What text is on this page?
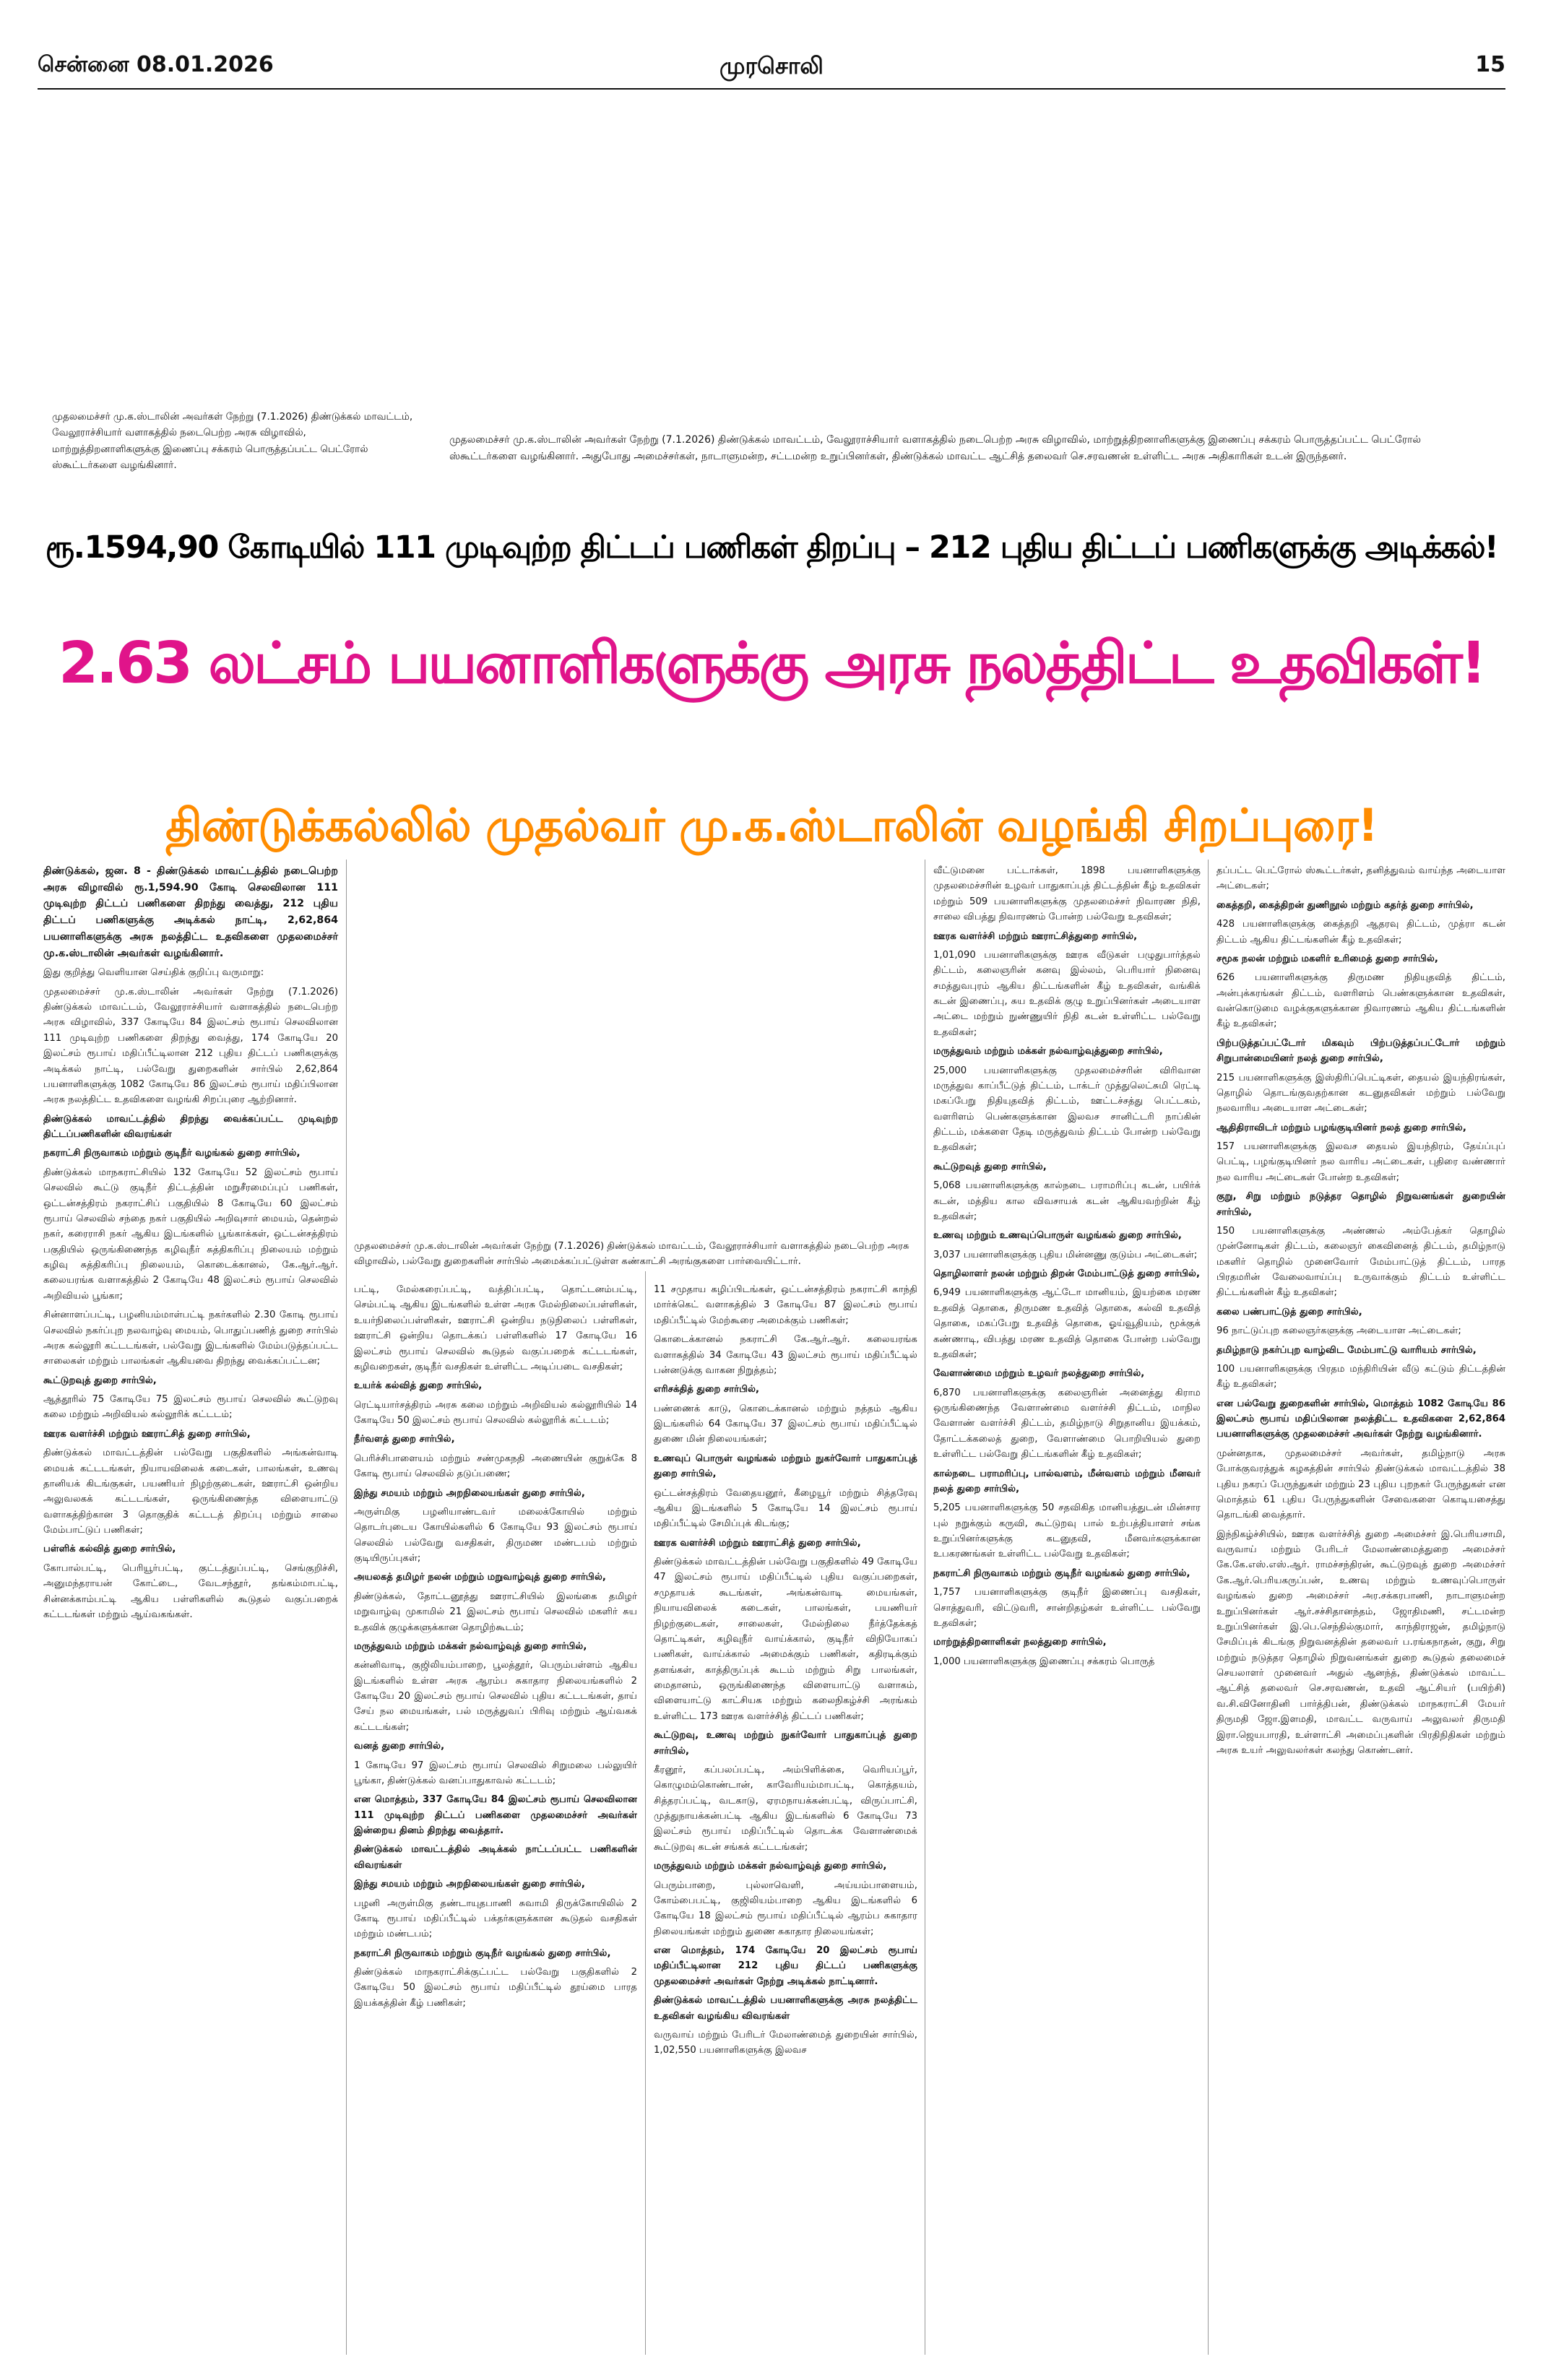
சென்னை 08.01.2026	முரசொலி	15

முதலமைச்சர் மு.க.ஸ்டாலின் அவர்கள் நேற்று (7.1.2026) திண்டுக்கல் மாவட்டம், வேலூராச்சியார் வளாகத்தில் நடைபெற்ற அரசு விழாவில், மாற்றுத்திறனாளிகளுக்கு இணைப்பு சக்கரம் பொருத்தப்பட்ட பெட்ரோல் ஸ்கூட்டர்களை வழங்கினார்.

முதலமைச்சர் மு.க.ஸ்டாலின் அவர்கள் நேற்று (7.1.2026) திண்டுக்கல் மாவட்டம், வேலூராச்சியார் வளாகத்தில் நடைபெற்ற அரசு விழாவில், மாற்றுத்திறனாளிகளுக்கு இணைப்பு சக்கரம் பொருத்தப்பட்ட பெட்ரோல் ஸ்கூட்டர்களை வழங்கினார். அதுபோது அமைச்சர்கள், நாடாளுமன்ற, சட்டமன்ற உறுப்பினர்கள், திண்டுக்கல் மாவட்ட ஆட்சித் தலைவர் செ.சரவணன் உள்ளிட்ட அரசு அதிகாரிகள் உடன் இருந்தனர்.

ரூ.1594,90 கோடியில் 111 முடிவுற்ற திட்டப் பணிகள் திறப்பு – 212 புதிய திட்டப் பணிகளுக்கு அடிக்கல்!
2.63 லட்சம் பயனாளிகளுக்கு அரசு நலத்திட்ட உதவிகள்!
திண்டுக்கல்லில் முதல்வர் மு.க.ஸ்டாலின் வழங்கி சிறப்புரை!

திண்டுக்கல், ஜன. 8 - திண்டுக்கல் மாவட்டத்தில் நடைபெற்ற அரசு விழாவில் ரூ.1,594.90 கோடி செலவிலான 111 முடிவுற்ற திட்டப் பணிகளை திறந்து வைத்து, 212 புதிய திட்டப் பணிகளுக்கு அடிக்கல் நாட்டி, 2,62,864 பயனாளிகளுக்கு அரசு நலத்திட்ட உதவிகளை முதலமைச்சர் மு.க.ஸ்டாலின் அவர்கள் வழங்கினார்.

இது குறித்து வெளியான செய்திக் குறிப்பு வருமாறு:

முதலமைச்சர் மு.க.ஸ்டாலின் அவர்கள் நேற்று (7.1.2026) திண்டுக்கல் மாவட்டம், வேலூராச்சியார் வளாகத்தில் நடைபெற்ற அரசு விழாவில், 337 கோடியே 84 இலட்சம் ரூபாய் செலவிலான 111 முடிவுற்ற பணிகளை திறந்து வைத்து, 174 கோடியே 20 இலட்சம் ரூபாய் மதிப்பீட்டிலான 212 புதிய திட்டப் பணிகளுக்கு அடிக்கல் நாட்டி, பல்வேறு துறைகளின் சார்பில் 2,62,864 பயனாளிகளுக்கு 1082 கோடியே 86 இலட்சம் ரூபாய் மதிப்பிலான அரசு நலத்திட்ட உதவிகளை வழங்கி சிறப்புரை ஆற்றினார்.

திண்டுக்கல் மாவட்டத்தில் திறந்து வைக்கப்பட்ட முடிவுற்ற திட்டப்பணிகளின் விவரங்கள்

நகராட்சி நிருவாகம் மற்றும் குடிநீர் வழங்கல் துறை சார்பில்,

திண்டுக்கல் மாநகராட்சியில் 132 கோடியே 52 இலட்சம் ரூபாய் செலவில் கூட்டு குடிநீர் திட்டத்தின் மறுசீரமைப்புப் பணிகள், ஒட்டன்சத்திரம் நகராட்சிப் பகுதியில் 8 கோடியே 60 இலட்சம் ரூபாய் செலவில் சந்தை நகர் பகுதியில் அறிவுசார் மையம், தென்றல் நகர், கரைராசி நகர் ஆகிய இடங்களில் பூங்காக்கள், ஒட்டன்சத்திரம் பகுதியில் ஒருங்கிணைந்த கழிவுநீர் சுத்திகரிப்பு நிலையம் மற்றும் கழிவு சுத்திகரிப்பு நிலையம், கொடைக்கானல், கே.ஆர்.ஆர். கலையரங்க வளாகத்தில் 2 கோடியே 48 இலட்சம் ரூபாய் செலவில் அறிவியல் பூங்கா;

சின்னாளப்பட்டி, பழனியம்மாள்பட்டி நகர்களில் 2.30 கோடி ரூபாய் செலவில் நகர்ப்புற நலவாழ்வு மையம், பொதுப்பணித் துறை சார்பில் அரசு கல்லூரி கட்டடங்கள், பல்வேறு இடங்களில் மேம்படுத்தப்பட்ட சாலைகள் மற்றும் பாலங்கள் ஆகியவை திறந்து வைக்கப்பட்டன;

கூட்டுறவுத் துறை சார்பில்,

ஆத்தூரில் 75 கோடியே 75 இலட்சம் ரூபாய் செலவில் கூட்டுறவு கலை மற்றும் அறிவியல் கல்லூரிக் கட்டடம்;

ஊரக வளர்ச்சி மற்றும் ஊராட்சித் துறை சார்பில்,

திண்டுக்கல் மாவட்டத்தின் பல்வேறு பகுதிகளில் அங்கன்வாடி மையக் கட்டடங்கள், நியாயவிலைக் கடைகள், பாலங்கள், உணவு தானியக் கிடங்குகள், பயணியர் நிழற்குடைகள், ஊராட்சி ஒன்றிய அலுவலகக் கட்டடங்கள், ஒருங்கிணைந்த விளையாட்டு வளாகத்திற்கான 3 தொகுதிக் கட்டடத் திறப்பு மற்றும் சாலை மேம்பாட்டுப் பணிகள்;

பள்ளிக் கல்வித் துறை சார்பில்,

கோபால்பட்டி, பெரியூர்பட்டி, குட்டத்துப்பட்டி, செங்குறிச்சி, அனுமந்தராயன் கோட்டை, வேடசந்தூர், தங்கம்மாபட்டி, சின்னக்காம்பட்டி ஆகிய பள்ளிகளில் கூடுதல் வகுப்பறைக் கட்டடங்கள் மற்றும் ஆய்வகங்கள்.

முதலமைச்சர் மு.க.ஸ்டாலின் அவர்கள் நேற்று (7.1.2026) திண்டுக்கல் மாவட்டம், வேலூராச்சியார் வளாகத்தில் நடைபெற்ற அரசு விழாவில், பல்வேறு துறைகளின் சார்பில் அமைக்கப்பட்டுள்ள கண்காட்சி அரங்குகளை பார்வையிட்டார்.

பட்டி, மேல்கரைப்பட்டி, வத்திப்பட்டி, தொட்டனம்பட்டி, செம்பட்டி ஆகிய இடங்களில் உள்ள அரசு மேல்நிலைப்பள்ளிகள், உயர்நிலைப்பள்ளிகள், ஊராட்சி ஒன்றிய நடுநிலைப் பள்ளிகள், ஊராட்சி ஒன்றிய தொடக்கப் பள்ளிகளில் 17 கோடியே 16 இலட்சம் ரூபாய் செலவில் கூடுதல் வகுப்பறைக் கட்டடங்கள், கழிவறைகள், குடிநீர் வசதிகள் உள்ளிட்ட அடிப்படை வசதிகள்;

உயர்க் கல்வித் துறை சார்பில்,

ரெட்டியார்சத்திரம் அரசு கலை மற்றும் அறிவியல் கல்லூரியில் 14 கோடியே 50 இலட்சம் ரூபாய் செலவில் கல்லூரிக் கட்டடம்;

நீர்வளத் துறை சார்பில்,

பெரிச்சிபாளையம் மற்றும் சண்முகநதி அணையின் குறுக்கே 8 கோடி ரூபாய் செலவில் தடுப்பணை;

இந்து சமயம் மற்றும் அறநிலையங்கள் துறை சார்பில்,

அருள்மிகு பழனியாண்டவர் மலைக்கோயில் மற்றும் தொடர்புடைய கோயில்களில் 6 கோடியே 93 இலட்சம் ரூபாய் செலவில் பல்வேறு வசதிகள், திருமண மண்டபம் மற்றும் குடியிருப்புகள்;

அயலகத் தமிழர் நலன் மற்றும் மறுவாழ்வுத் துறை சார்பில்,

திண்டுக்கல், தோட்டனூத்து ஊராட்சியில் இலங்கை தமிழர் மறுவாழ்வு முகாமில் 21 இலட்சம் ரூபாய் செலவில் மகளிர் சுய உதவிக் குழுக்களுக்கான தொழிற்கூடம்;

மருத்துவம் மற்றும் மக்கள் நல்வாழ்வுத் துறை சார்பில்,

கன்னிவாடி, குஜிலியம்பாறை, பூலத்தூர், பெரும்பள்ளம் ஆகிய இடங்களில் உள்ள அரசு ஆரம்ப சுகாதார நிலையங்களில் 2 கோடியே 20 இலட்சம் ரூபாய் செலவில் புதிய கட்டடங்கள், தாய் சேய் நல மையங்கள், பல் மருத்துவப் பிரிவு மற்றும் ஆய்வகக் கட்டடங்கள்;

வனத் துறை சார்பில்,

1 கோடியே 97 இலட்சம் ரூபாய் செலவில் சிறுமலை பல்லுயிர் பூங்கா, திண்டுக்கல் வனப்பாதுகாவல் கட்டடம்;

என மொத்தம், 337 கோடியே 84 இலட்சம் ரூபாய் செலவிலான 111 முடிவுற்ற திட்டப் பணிகளை முதலமைச்சர் அவர்கள் இன்றைய தினம் திறந்து வைத்தார்.

திண்டுக்கல் மாவட்டத்தில் அடிக்கல் நாட்டப்பட்ட பணிகளின் விவரங்கள்

இந்து சமயம் மற்றும் அறநிலையங்கள் துறை சார்பில்,

பழனி அருள்மிகு தண்டாயுதபாணி சுவாமி திருக்கோயிலில் 2 கோடி ரூபாய் மதிப்பீட்டில் பக்தர்களுக்கான கூடுதல் வசதிகள் மற்றும் மண்டபம்;

நகராட்சி நிருவாகம் மற்றும் குடிநீர் வழங்கல் துறை சார்பில்,

திண்டுக்கல் மாநகராட்சிக்குட்பட்ட பல்வேறு பகுதிகளில் 2 கோடியே 50 இலட்சம் ரூபாய் மதிப்பீட்டில் தூய்மை பாரத இயக்கத்தின் கீழ் பணிகள்;

11 சமுதாய கழிப்பிடங்கள், ஒட்டன்சத்திரம் நகராட்சி காந்தி மார்க்கெட் வளாகத்தில் 3 கோடியே 87 இலட்சம் ரூபாய் மதிப்பீட்டில் மேற்கூரை அமைக்கும் பணிகள்;

கொடைக்கானல் நகராட்சி கே.ஆர்.ஆர். கலையரங்க வளாகத்தில் 34 கோடியே 43 இலட்சம் ரூபாய் மதிப்பீட்டில் பன்னடுக்கு வாகன நிறுத்தம்;

எரிசக்தித் துறை சார்பில்,

பண்ணைக் காடு, கொடைக்கானல் மற்றும் நத்தம் ஆகிய இடங்களில் 64 கோடியே 37 இலட்சம் ரூபாய் மதிப்பீட்டில் துணை மின் நிலையங்கள்;

உணவுப் பொருள் வழங்கல் மற்றும் நுகர்வோர் பாதுகாப்புத் துறை சார்பில்,

ஒட்டன்சத்திரம் வேதையனூர், கீழையூர் மற்றும் சித்தரேவு ஆகிய இடங்களில் 5 கோடியே 14 இலட்சம் ரூபாய் மதிப்பீட்டில் சேமிப்புக் கிடங்கு;

ஊரக வளர்ச்சி மற்றும் ஊராட்சித் துறை சார்பில்,

திண்டுக்கல் மாவட்டத்தின் பல்வேறு பகுதிகளில் 49 கோடியே 47 இலட்சம் ரூபாய் மதிப்பீட்டில் புதிய வகுப்பறைகள், சமுதாயக் கூடங்கள், அங்கன்வாடி மையங்கள், நியாயவிலைக் கடைகள், பாலங்கள், பயணியர் நிழற்குடைகள், சாலைகள், மேல்நிலை நீர்த்தேக்கத் தொட்டிகள், கழிவுநீர் வாய்க்கால், குடிநீர் விநியோகப் பணிகள், வாய்க்கால் அமைக்கும் பணிகள், கதிரடிக்கும் தளங்கள், காத்திருப்புக் கூடம் மற்றும் சிறு பாலங்கள், மைதானம், ஒருங்கிணைந்த விளையாட்டு வளாகம், விளையாட்டு காட்சியக மற்றும் கலைநிகழ்ச்சி அரங்கம் உள்ளிட்ட 173 ஊரக வளர்ச்சித் திட்டப் பணிகள்;

கூட்டுறவு, உணவு மற்றும் நுகர்வோர் பாதுகாப்புத் துறை சார்பில்,

கீரனூர், கப்பலப்பட்டி, அம்பிளிக்கை, வெரியப்பூர், கொழுமம்கொண்டான், காவேரியம்மாபட்டி, கொத்தயம், சித்தரப்பட்டி, வடகாடு, ஏரமநாயக்கன்பட்டி, விருப்பாட்சி, முத்துநாயக்கன்பட்டி ஆகிய இடங்களில் 6 கோடியே 73 இலட்சம் ரூபாய் மதிப்பீட்டில் தொடக்க வேளாண்மைக் கூட்டுறவு கடன் சங்கக் கட்டடங்கள்;

மருத்துவம் மற்றும் மக்கள் நல்வாழ்வுத் துறை சார்பில்,

பெரும்பாறை, புல்லாவெளி, அய்யம்பாளையம், கோம்பைபட்டி, குஜிலியம்பாறை ஆகிய இடங்களில் 6 கோடியே 18 இலட்சம் ரூபாய் மதிப்பீட்டில் ஆரம்ப சுகாதார நிலையங்கள் மற்றும் துணை சுகாதார நிலையங்கள்;

என மொத்தம், 174 கோடியே 20 இலட்சம் ரூபாய் மதிப்பீட்டிலான 212 புதிய திட்டப் பணிகளுக்கு முதலமைச்சர் அவர்கள் நேற்று அடிக்கல் நாட்டினார்.

திண்டுக்கல் மாவட்டத்தில் பயனாளிகளுக்கு அரசு நலத்திட்ட உதவிகள் வழங்கிய விவரங்கள்

வருவாய் மற்றும் பேரிடர் மேலாண்மைத் துறையின் சார்பில், 1,02,550 பயனாளிகளுக்கு இலவச

வீட்டுமனை பட்டாக்கள், 1898 பயனாளிகளுக்கு முதலமைச்சரின் உழவர் பாதுகாப்புத் திட்டத்தின் கீழ் உதவிகள் மற்றும் 509 பயனாளிகளுக்கு முதலமைச்சர் நிவாரண நிதி, சாலை விபத்து நிவாரணம் போன்ற பல்வேறு உதவிகள்;

ஊரக வளர்ச்சி மற்றும் ஊராட்சித்துறை சார்பில்,

1,01,090 பயனாளிகளுக்கு ஊரக வீடுகள் பழுதுபார்த்தல் திட்டம், கலைஞரின் கனவு இல்லம், பெரியார் நினைவு சமத்துவபுரம் ஆகிய திட்டங்களின் கீழ் உதவிகள், வங்கிக் கடன் இணைப்பு, சுய உதவிக் குழு உறுப்பினர்கள் அடையாள அட்டை மற்றும் நுண்ணுயிர் நிதி கடன் உள்ளிட்ட பல்வேறு உதவிகள்;

மருத்துவம் மற்றும் மக்கள் நல்வாழ்வுத்துறை சார்பில்,

25,000 பயனாளிகளுக்கு முதலமைச்சரின் விரிவான மருத்துவ காப்பீட்டுத் திட்டம், டாக்டர் முத்துலெட்சுமி ரெட்டி மகப்பேறு நிதியுதவித் திட்டம், ஊட்டச்சத்து பெட்டகம், வளரிளம் பெண்களுக்கான இலவச சானிட்டரி நாப்கின் திட்டம், மக்களை தேடி மருத்துவம் திட்டம் போன்ற பல்வேறு உதவிகள்;

கூட்டுறவுத் துறை சார்பில்,

5,068 பயனாளிகளுக்கு கால்நடை பராமரிப்பு கடன், பயிர்க் கடன், மத்திய கால விவசாயக் கடன் ஆகியவற்றின் கீழ் உதவிகள்;

உணவு மற்றும் உணவுப்பொருள் வழங்கல் துறை சார்பில்,

3,037 பயனாளிகளுக்கு புதிய மின்னணு குடும்ப அட்டைகள்;

தொழிலாளர் நலன் மற்றும் திறன் மேம்பாட்டுத் துறை சார்பில்,

6,949 பயனாளிகளுக்கு ஆட்டோ மானியம், இயற்கை மரண உதவித் தொகை, திருமண உதவித் தொகை, கல்வி உதவித் தொகை, மகப்பேறு உதவித் தொகை, ஓய்வூதியம், மூக்குக் கண்ணாடி, விபத்து மரண உதவித் தொகை போன்ற பல்வேறு உதவிகள்;

வேளாண்மை மற்றும் உழவர் நலத்துறை சார்பில்,

6,870 பயனாளிகளுக்கு கலைஞரின் அனைத்து கிராம ஒருங்கிணைந்த வேளாண்மை வளர்ச்சி திட்டம், மாநில வேளாண் வளர்ச்சி திட்டம், தமிழ்நாடு சிறுதானிய இயக்கம், தோட்டக்கலைத் துறை, வேளாண்மை பொறியியல் துறை உள்ளிட்ட பல்வேறு திட்டங்களின் கீழ் உதவிகள்;

கால்நடை பராமரிப்பு, பால்வளம், மீன்வளம் மற்றும் மீனவர் நலத் துறை சார்பில்,

5,205 பயனாளிகளுக்கு 50 சதவிகித மானியத்துடன் மின்சார புல் நறுக்கும் கருவி, கூட்டுறவு பால் உற்பத்தியாளர் சங்க உறுப்பினர்களுக்கு கடனுதவி, மீனவர்களுக்கான உபகரணங்கள் உள்ளிட்ட பல்வேறு உதவிகள்;

நகராட்சி நிருவாகம் மற்றும் குடிநீர் வழங்கல் துறை சார்பில்,

1,757 பயனாளிகளுக்கு குடிநீர் இணைப்பு வசதிகள், சொத்துவரி, விட்டுவரி, சான்றிதழ்கள் உள்ளிட்ட பல்வேறு உதவிகள்;

மாற்றுத்திறனாளிகள் நலத்துறை சார்பில்,

1,000 பயனாளிகளுக்கு இணைப்பு சக்கரம் பொருத்

தப்பட்ட பெட்ரோல் ஸ்கூட்டர்கள், தனித்துவம் வாய்ந்த அடையாள அட்டைகள்;

கைத்தறி, கைத்திறன் துணிநூல் மற்றும் கதர்த் துறை சார்பில்,

428 பயனாளிகளுக்கு கைத்தறி ஆதரவு திட்டம், முத்ரா கடன் திட்டம் ஆகிய திட்டங்களின் கீழ் உதவிகள்;

சமூக நலன் மற்றும் மகளிர் உரிமைத் துறை சார்பில்,

626 பயனாளிகளுக்கு திருமண நிதியுதவித் திட்டம், அன்புக்கரங்கள் திட்டம், வளரிளம் பெண்களுக்கான உதவிகள், வன்கொடுமை வழக்குகளுக்கான நிவாரணம் ஆகிய திட்டங்களின் கீழ் உதவிகள்;

பிற்படுத்தப்பட்டோர் மிகவும் பிற்படுத்தப்பட்டோர் மற்றும் சிறுபான்மையினர் நலத் துறை சார்பில்,

215 பயனாளிகளுக்கு இஸ்திரிப்பெட்டிகள், தையல் இயந்திரங்கள், தொழில் தொடங்குவதற்கான கடனுதவிகள் மற்றும் பல்வேறு நலவாரிய அடையாள அட்டைகள்;

ஆதிதிராவிடர் மற்றும் பழங்குடியினர் நலத் துறை சார்பில்,

157 பயனாளிகளுக்கு இலவச தையல் இயந்திரம், தேய்ப்புப் பெட்டி, பழங்குடியினர் நல வாரிய அட்டைகள், புதிரை வண்ணார் நல வாரிய அட்டைகள் போன்ற உதவிகள்;

குறு, சிறு மற்றும் நடுத்தர தொழில் நிறுவனங்கள் துறையின் சார்பில்,

150 பயனாளிகளுக்கு அண்ணல் அம்பேத்கர் தொழில் முன்னோடிகள் திட்டம், கலைஞர் கைவினைத் திட்டம், தமிழ்நாடு மகளிர் தொழில் முனைவோர் மேம்பாட்டுத் திட்டம், பாரத பிரதமரின் வேலைவாய்ப்பு உருவாக்கும் திட்டம் உள்ளிட்ட திட்டங்களின் கீழ் உதவிகள்;

கலை பண்பாட்டுத் துறை சார்பில்,

96 நாட்டுப்புற கலைஞர்களுக்கு அடையாள அட்டைகள்;

தமிழ்நாடு நகர்ப்புற வாழ்விட மேம்பாட்டு வாரியம் சார்பில்,

100 பயனாளிகளுக்கு பிரதம மந்திரியின் வீடு கட்டும் திட்டத்தின் கீழ் உதவிகள்;

என பல்வேறு துறைகளின் சார்பில், மொத்தம் 1082 கோடியே 86 இலட்சம் ரூபாய் மதிப்பிலான நலத்திட்ட உதவிகளை 2,62,864 பயனாளிகளுக்கு முதலமைச்சர் அவர்கள் நேற்று வழங்கினார்.

முன்னதாக, முதலமைச்சர் அவர்கள், தமிழ்நாடு அரசு போக்குவரத்துக் கழகத்தின் சார்பில் திண்டுக்கல் மாவட்டத்தில் 38 புதிய நகரப் பேருந்துகள் மற்றும் 23 புதிய புறநகர் பேருந்துகள் என மொத்தம் 61 புதிய பேருந்துகளின் சேவைகளை கொடியசைத்து தொடங்கி வைத்தார்.

இந்நிகழ்ச்சியில், ஊரக வளர்ச்சித் துறை அமைச்சர் இ.பெரியசாமி, வருவாய் மற்றும் பேரிடர் மேலாண்மைத்துறை அமைச்சர் கே.கே.எஸ்.எஸ்.ஆர். ராமச்சந்திரன், கூட்டுறவுத் துறை அமைச்சர் கே.ஆர்.பெரியகருப்பன், உணவு மற்றும் உணவுப்பொருள் வழங்கல் துறை அமைச்சர் அர.சக்கரபாணி, நாடாளுமன்ற உறுப்பினர்கள் ஆர்.சச்சிதானந்தம், ஜோதிமணி, சட்டமன்ற உறுப்பினர்கள் இ.பெ.செந்தில்குமார், காந்திராஜன், தமிழ்நாடு சேமிப்புக் கிடங்கு நிறுவனத்தின் தலைவர் ப.ரங்கநாதன், குறு, சிறு மற்றும் நடுத்தர தொழில் நிறுவனங்கள் துறை கூடுதல் தலைமைச் செயலாளர் முனைவர் அதுல் ஆனந்த், திண்டுக்கல் மாவட்ட ஆட்சித் தலைவர் செ.சரவணன், உதவி ஆட்சியர் (பயிற்சி) வ.சி.வினோதினி பார்த்திபன், திண்டுக்கல் மாநகராட்சி மேயர் திருமதி ஜோ.இளமதி, மாவட்ட வருவாய் அலுவலர் திருமதி இரா.ஜெயபாரதி, உள்ளாட்சி அமைப்புகளின் பிரதிநிதிகள் மற்றும் அரசு உயர் அலுவலர்கள் கலந்து கொண்டனர்.
